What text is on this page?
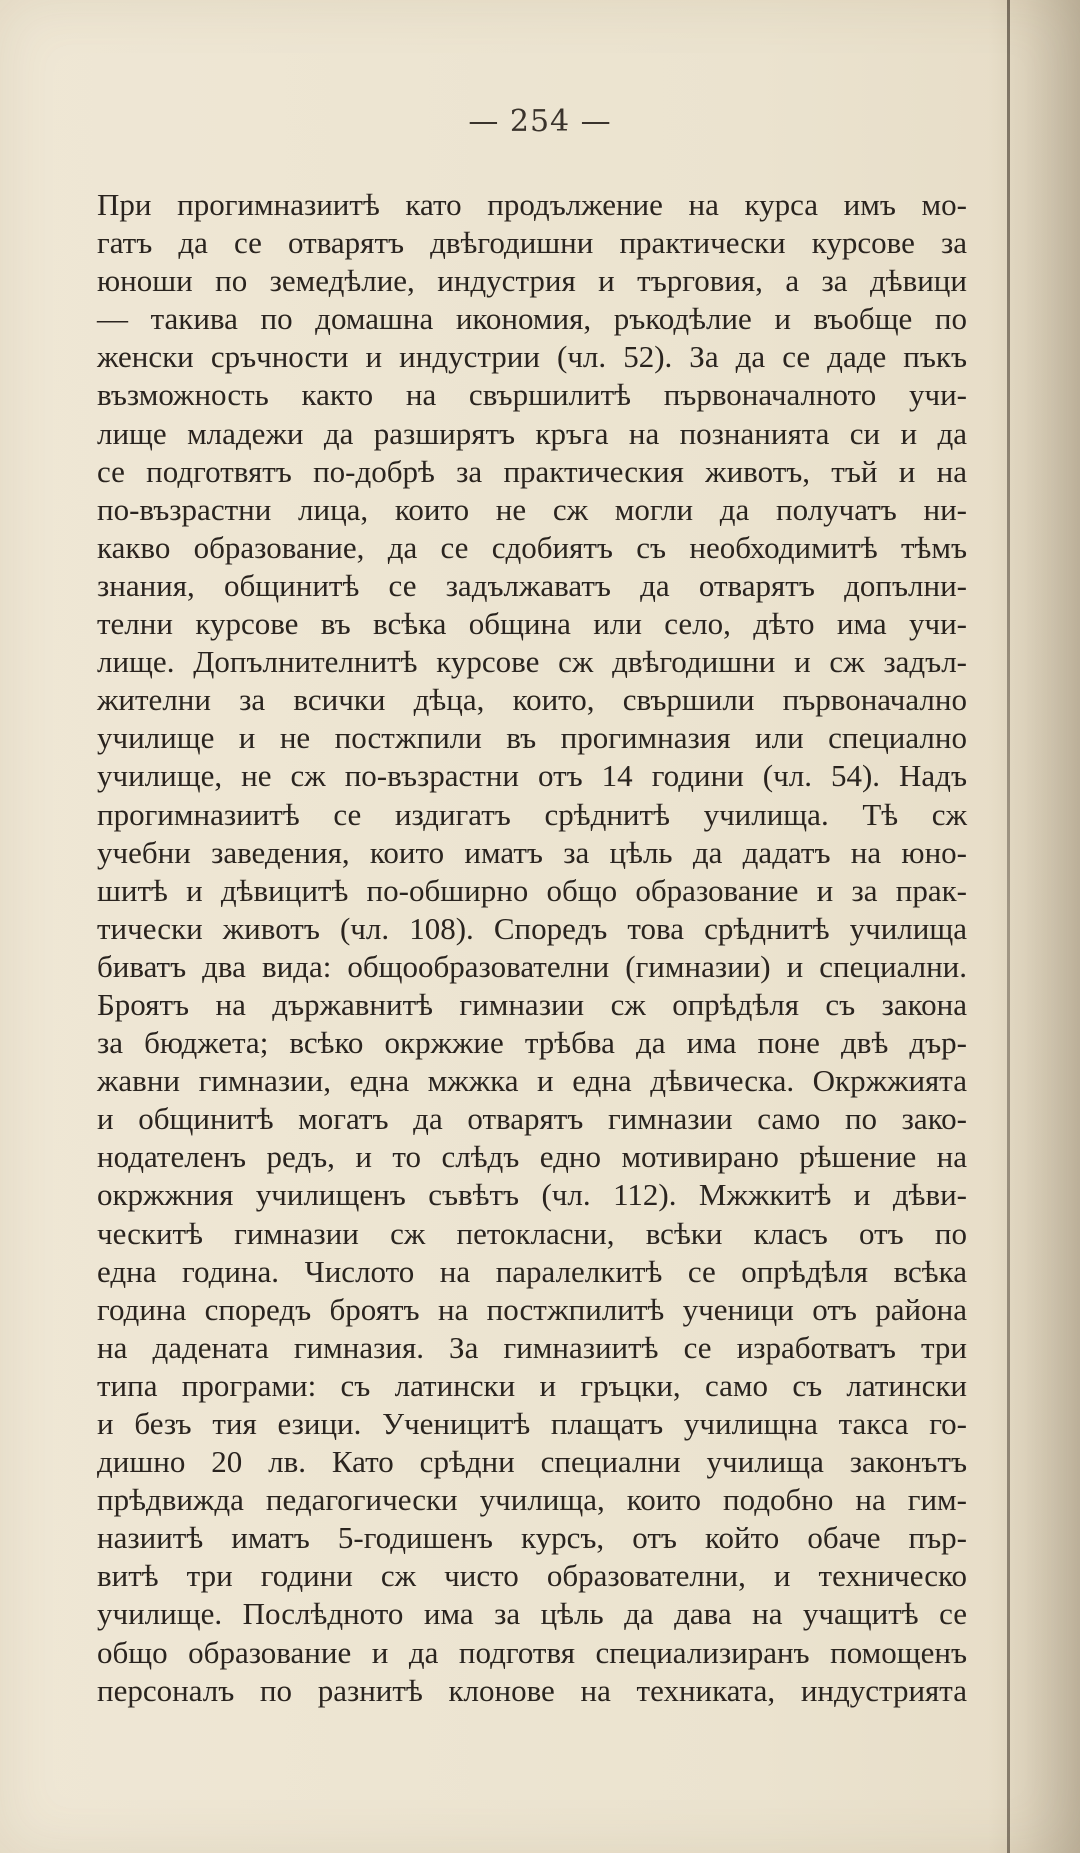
— 254 —
При прогимназиитѣ като продължение на курса имъ мо-
гатъ да се отварятъ двѣгодишни практически курсове за
юноши по земедѣлие, индустрия и търговия, а за дѣвици
— такива по домашна икономия, ръкодѣлие и въобще по
женски сръчности и индустрии (чл. 52). За да се даде пъкъ
възможность както на свършилитѣ първоначалното учи-
лище младежи да разширятъ кръга на познанията си и да
се подготвятъ по-добрѣ за практическия животъ, тъй и на
по-възрастни лица, които не сж могли да получатъ ни-
какво образование, да се сдобиятъ съ необходимитѣ тѣмъ
знания, общинитѣ се задължаватъ да отварятъ допълни-
телни курсове въ всѣка община или село, дѣто има учи-
лище. Допълнителнитѣ курсове сж двѣгодишни и сж задъл-
жителни за всички дѣца, които, свършили първоначално
училище и не постжпили въ прогимназия или специално
училище, не сж по-възрастни отъ 14 години (чл. 54). Надъ
прогимназиитѣ се издигатъ срѣднитѣ училища. Тѣ сж
учебни заведения, които иматъ за цѣль да дадатъ на юно-
шитѣ и дѣвицитѣ по-обширно общо образование и за прак-
тически животъ (чл. 108). Споредъ това срѣднитѣ училища
биватъ два вида: общообразователни (гимназии) и специални.
Броятъ на държавнитѣ гимназии сж опрѣдѣля съ закона
за бюджета; всѣко окржжие трѣбва да има поне двѣ дър-
жавни гимназии, една мжжка и една дѣвическа. Окржжията
и общинитѣ могатъ да отварятъ гимназии само по зако-
нодателенъ редъ, и то слѣдъ едно мотивирано рѣшение на
окржжния училищенъ съвѣтъ (чл. 112). Мжжкитѣ и дѣви-
ческитѣ гимназии сж петокласни, всѣки класъ отъ по
една година. Числото на паралелкитѣ се опрѣдѣля всѣка
година споредъ броятъ на постжпилитѣ ученици отъ района
на дадената гимназия. За гимназиитѣ се изработватъ три
типа програми: съ латински и гръцки, само съ латински
и безъ тия езици. Ученицитѣ плащатъ училищна такса го-
дишно 20 лв. Като срѣдни специални училища законътъ
прѣдвижда педагогически училища, които подобно на гим-
назиитѣ иматъ 5-годишенъ курсъ, отъ който обаче пър-
витѣ три години сж чисто образователни, и техническо
училище. Послѣдното има за цѣль да дава на учащитѣ се
общо образование и да подготвя специализиранъ помощенъ
персоналъ по разнитѣ клонове на техниката, индустрията
